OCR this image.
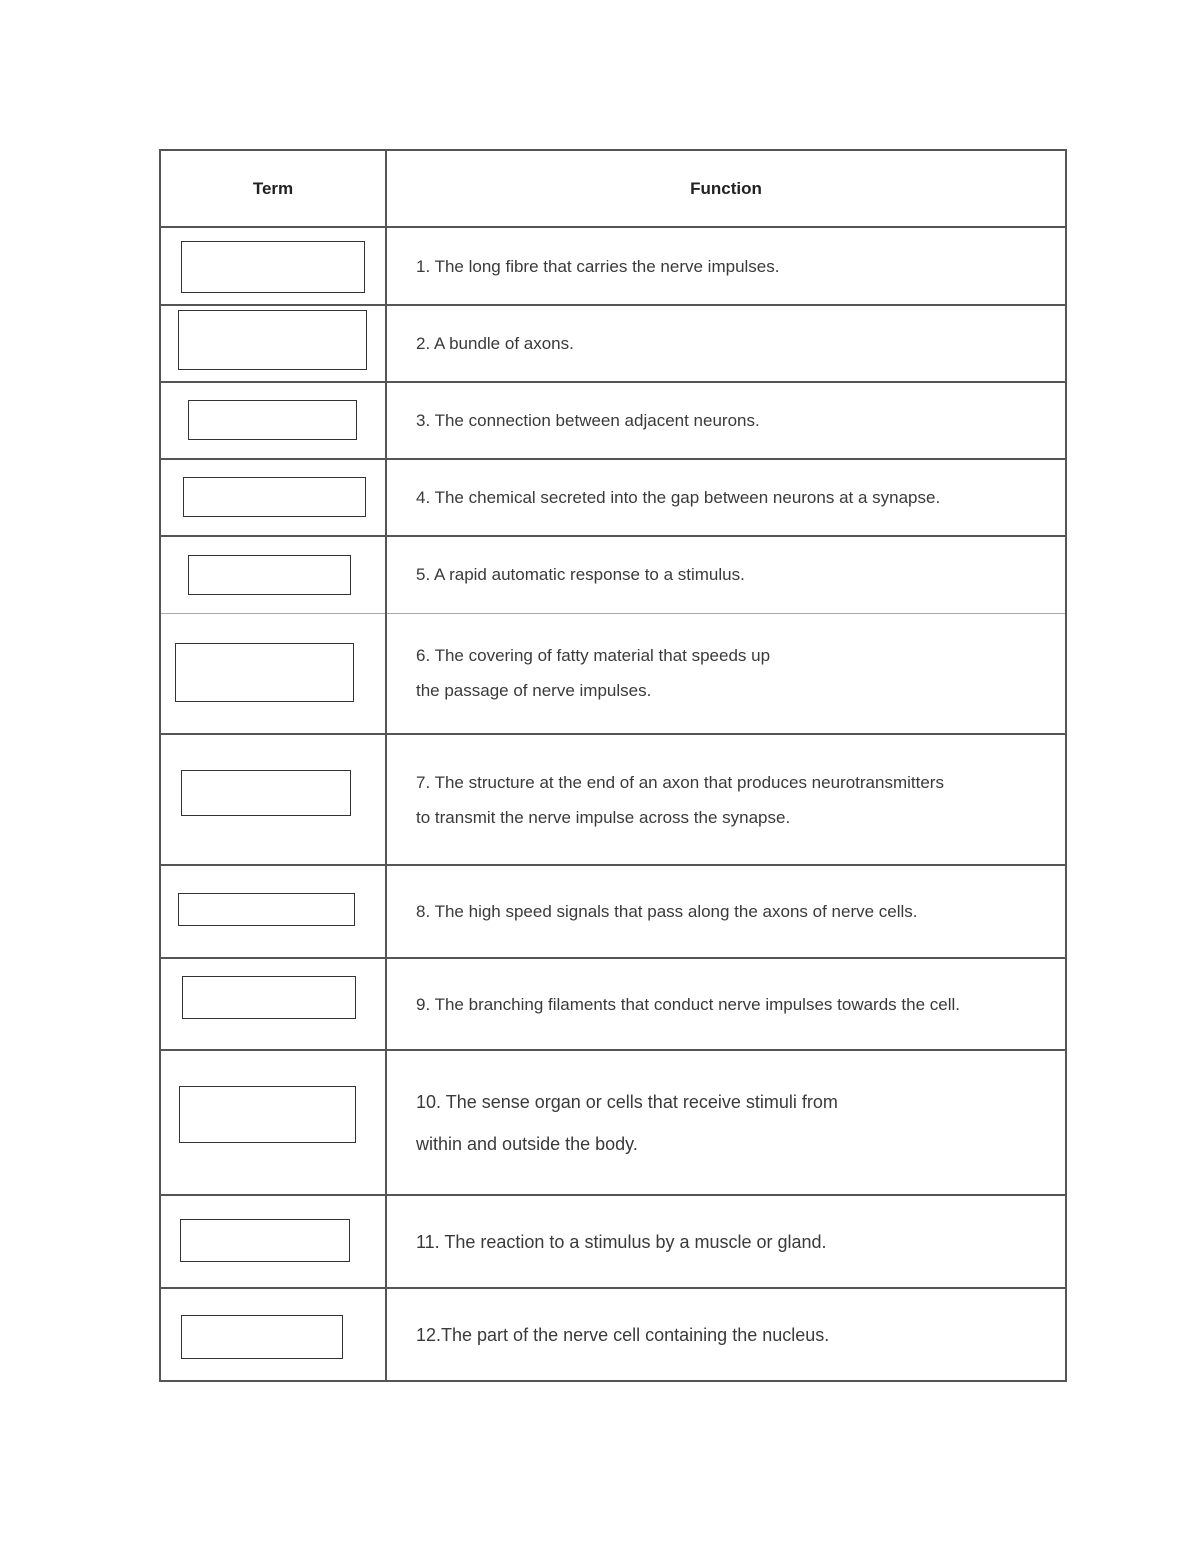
Term	Function

	1. The long fibre that carries the nerve impulses.

	2. A bundle of axons.

	3. The connection between adjacent neurons.

	4. The chemical secreted into the gap between neurons at a synapse.

	5. A rapid automatic response to a stimulus.

	6. The covering of fatty material that speeds up
the passage of nerve impulses.

	7. The structure at the end of an axon that produces neurotransmitters
to transmit the nerve impulse across the synapse.

	8. The high speed signals that pass along the axons of nerve cells.

	9. The branching filaments that conduct nerve impulses towards the cell.

	10. The sense organ or cells that receive stimuli from
within and outside the body.

	11. The reaction to a stimulus by a muscle or gland.

	12.The part of the nerve cell containing the nucleus.
